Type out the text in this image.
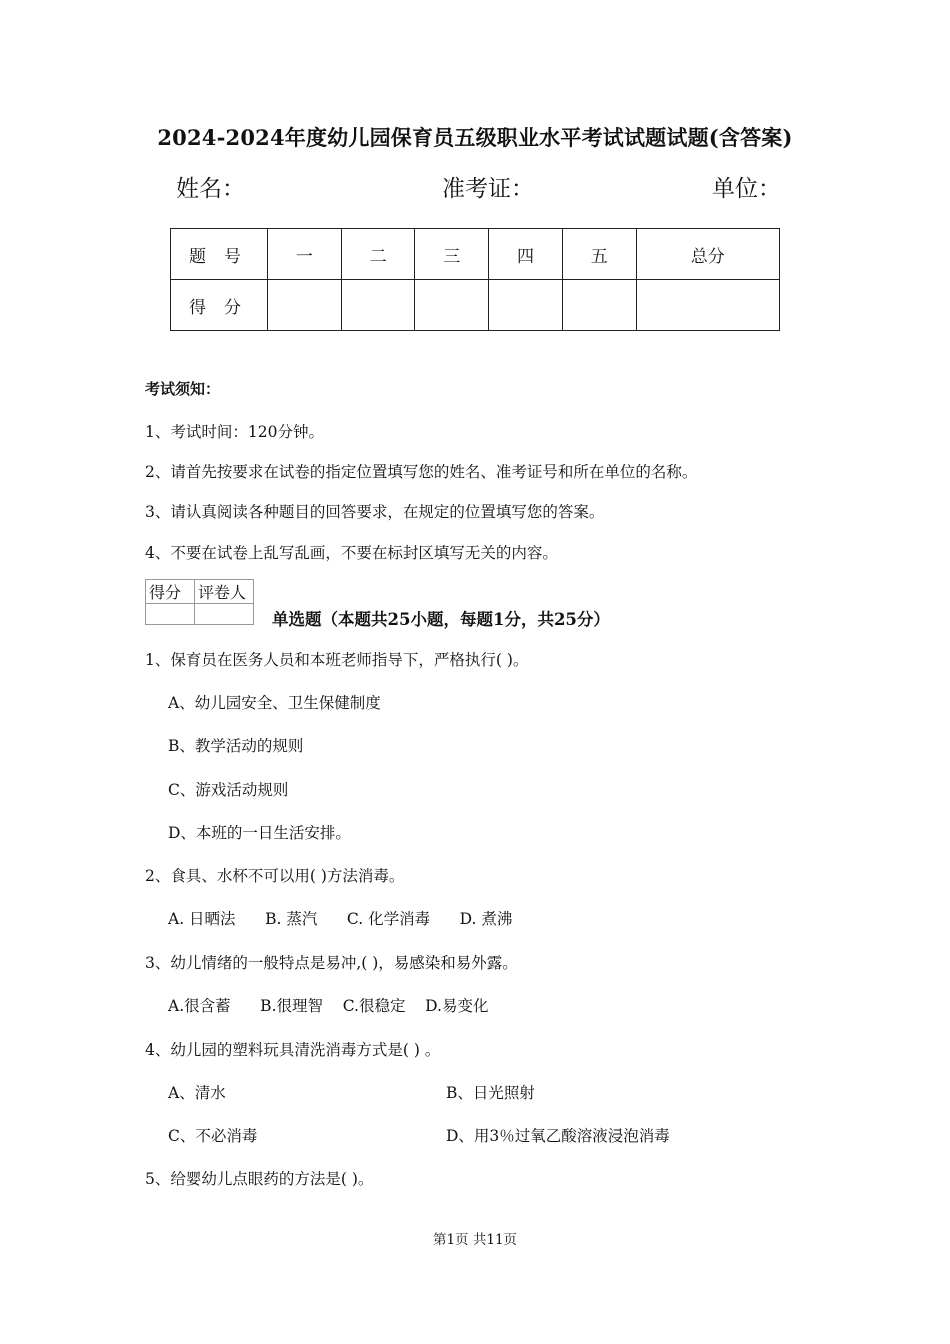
2024-2024年度幼儿园保育员五级职业水平考试试题试题(含答案)
姓名：	准考证：	单位：
题号	一	二	三	四	五	总分
得分						
考试须知：
1、考试时间：120分钟。
2、请首先按要求在试卷的指定位置填写您的姓名、准考证号和所在单位的名称。
3、请认真阅读各种题目的回答要求，在规定的位置填写您的答案。
4、不要在试卷上乱写乱画，不要在标封区填写无关的内容。
得分	评卷人

单选题（本题共25小题，每题1分，共25分）
1、保育员在医务人员和本班老师指导下，严格执行( )。
A、幼儿园安全、卫生保健制度
B、教学活动的规则
C、游戏活动规则
D、本班的一日生活安排。
2、食具、水杯不可以用( )方法消毒。
A. 日晒法      B. 蒸汽      C. 化学消毒      D. 煮沸
3、幼儿情绪的一般特点是易冲,( )，易感染和易外露。
A.很含蓄      B.很理智    C.很稳定    D.易变化
4、幼儿园的塑料玩具清洗消毒方式是( ) 。
A、清水	B、日光照射
C、不必消毒	D、用3％过氧乙酸溶液浸泡消毒
5、给婴幼儿点眼药的方法是( )。
第1页 共11页
